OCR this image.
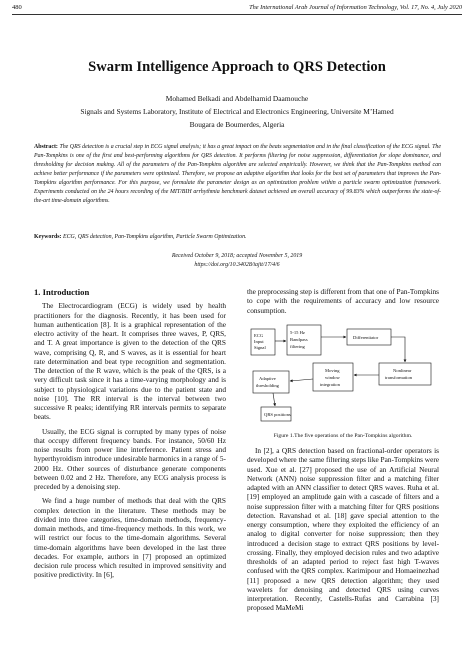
480	The International Arab Journal of Information Technology, Vol. 17, No. 4, July 2020
Swarm Intelligence Approach to QRS Detection
Mohamed Belkadi and Abdelhamid Daamouche
Signals and Systems Laboratory, Institute of Electrical and Electronics Engineering, Universite M’Hamed
Bougara de Boumerdes, Algeria
Abstract: The QRS detection is a crucial step in ECG signal analysis; it has a great impact on the beats segmentation and in the final classification of the ECG signal. The Pan-Tompkins is one of the first and best-performing algorithms for QRS detection. It performs filtering for noise suppression, differentiation for slope dominance, and thresholding for decision making. All of the parameters of the Pan-Tompkins algorithm are selected empirically. However, we think that the Pan-Tompkins method can achieve better performance if the parameters were optimized. Therefore, we propose an adaptive algorithm that looks for the best set of parameters that improves the Pan-Tompkins algorithm performance. For this purpose, we formulate the parameter design as an optimization problem within a particle swarm optimization framework. Experiments conducted on the 24 hours recording of the MIT/BIH arrhythmia benchmark dataset achieved an overall accuracy of 99.83% which outperforms the state-of-the-art time-domain algorithms.
Keywords: ECG, QRS detection, Pan-Tompkins algorithm, Particle Swarm Optimization.
Received October 9, 2018; accepted November 5, 2019
https://doi.org/10.34028/iajit/17/4/6
1. Introduction

The Electrocardiogram (ECG) is widely used by health practitioners for the diagnosis. Recently, it has been used for human authentication [8]. It is a graphical representation of the electro activity of the heart. It comprises three waves, P, QRS, and T. A great importance is given to the detection of the QRS wave, comprising Q, R, and S waves, as it is essential for heart rate determination and beat type recognition and segmentation. The detection of the R wave, which is the peak of the QRS, is a very difficult task since it has a time-varying morphology and is subject to physiological variations due to the patient state and noise [10]. The RR interval is the interval between two successive R peaks; identifying RR intervals permits to separate beats.

Usually, the ECG signal is corrupted by many types of noise that occupy different frequency bands. For instance, 50/60 Hz noise results from power line interference. Patient stress and hyperthyroidism introduce undesirable harmonics in a range of 5-2000 Hz. Other sources of disturbance generate components between 0.02 and 2 Hz. Therefore, any ECG analysis process is preceded by a denoising step.

We find a huge number of methods that deal with the QRS complex detection in the literature. These methods may be divided into three categories, time-domain methods, frequency-domain methods, and time-frequency methods. In this work, we will restrict our focus to the time-domain algorithms. Several time-domain algorithms have been developed in the last three decades. For example, authors in [7] proposed an optimized decision rule process which resulted in improved sensitivity and positive predictivity. In [6],

the preprocessing step is different from that one of Pan-Tompkins to cope with the requirements of accuracy and low resource consumption.

ECG
Input
Signal
5-15 Hz
Bandpass
filtering
Differentiator
Nonlinear
transformation
Moving
window
integration
Adaptive
thresholding
QRS positions
Figure 1.The five operations of the Pan-Tompkins algorithm.

In [2], a QRS detection based on fractional-order operators is developed where the same filtering steps like Pan-Tompkins were used. Xue et al. [27] proposed the use of an Artificial Neural Network (ANN) noise suppression filter and a matching filter adapted with an ANN classifier to detect QRS waves. Ruha et al. [19] employed an amplitude gain with a cascade of filters and a noise suppression filter with a matching filter for QRS positions detection. Ravanshad et al. [18] gave special attention to the energy consumption, where they exploited the efficiency of an analog to digital converter for noise suppression; then they introduced a decision stage to extract QRS positions by level-crossing. Finally, they employed decision rules and two adaptive thresholds of an adapted period to reject fast high T-waves confused with the QRS complex. Karimipour and Homaeinezhad [11] proposed a new QRS detection algorithm; they used wavelets for denoising and detected QRS using curves interpretation. Recently, Castells-Rufas and Carrabina [3] proposed MaMeMi
